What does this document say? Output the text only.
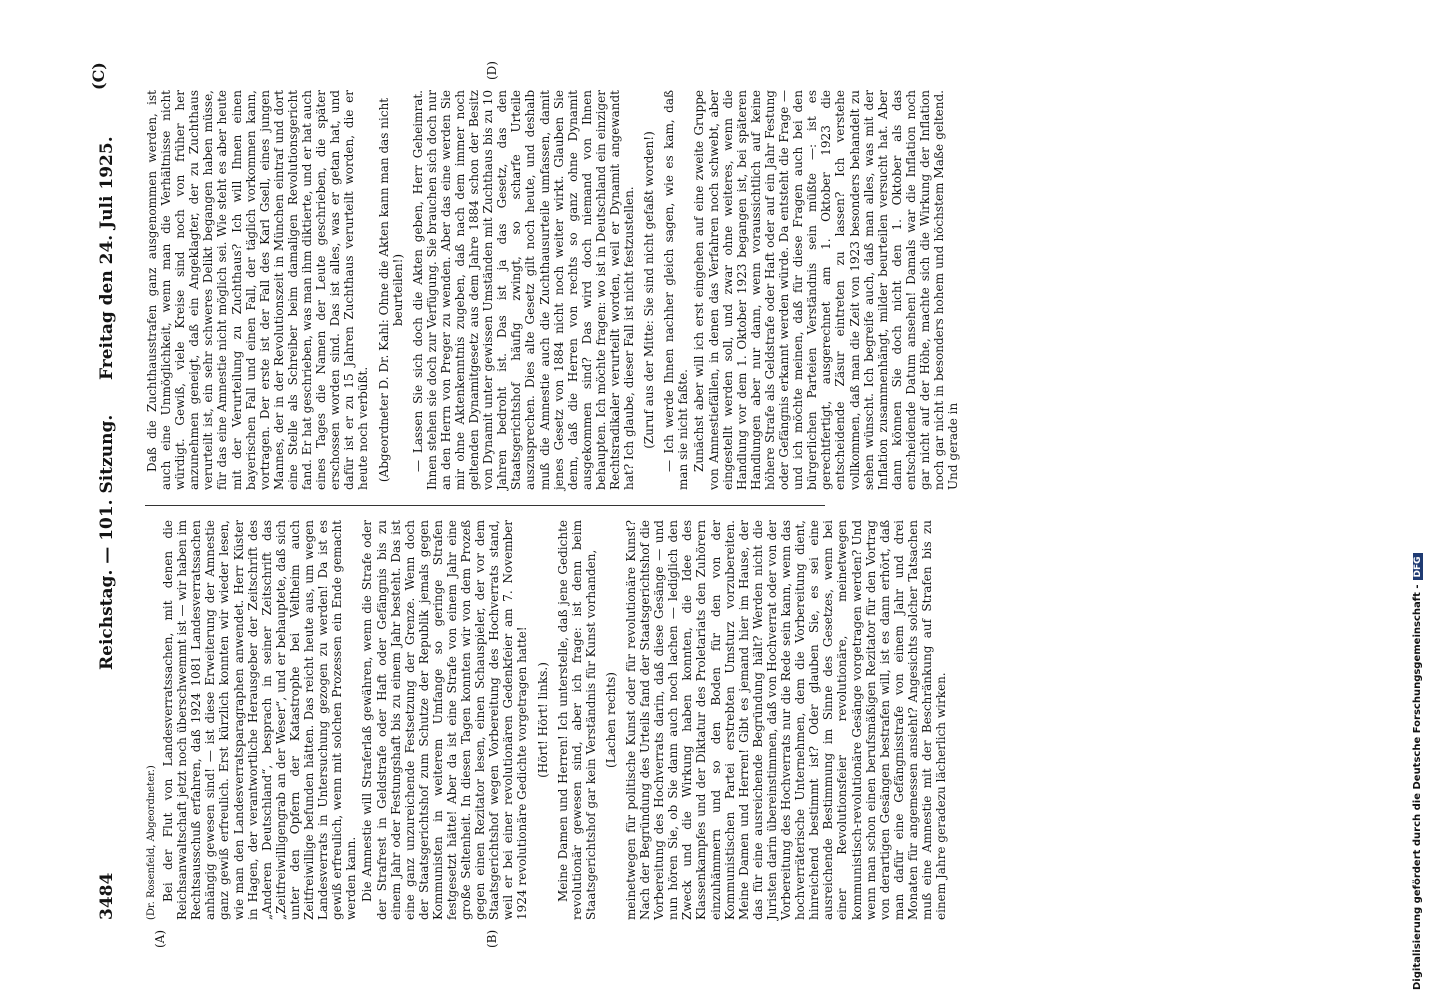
3484
Reichstag. — 101. Sitzung.
Freitag den 24. Juli 1925.
(C)
(A)	(B)
(D)

(Dr. Rosenfeld, Abgeordneter.) Bei der Flut von Landesverratssachen, mit denen die Reichsanwaltschaft jetzt noch überschwemmt ist — wir haben im Rechtsausschuß erfahren, daß 1924 1081 Landesverratssachen anhängig gewesen sind! — ist diese Erweiterung der Amnestie ganz gewiß erfreulich. Erst kürzlich konnten wir wieder lesen, wie man den Landesverratsparagraphen anwendet. Herr Küster in Hagen, der verantwortliche Herausgeber der Zeitschrift des „Anderen Deutschland“, besprach in seiner Zeitschrift das „Zeitfreiwilligengrab an der Weser“, und er behauptete, daß sich unter den Opfern der Katastrophe bei Veltheim auch Zeitfreiwillige befunden hätten. Das reicht heute aus, um wegen Landesverrats in Untersuchung gezogen zu werden! Da ist es gewiß erfreulich, wenn mit solchen Prozessen ein Ende gemacht werden kann. Die Amnestie will Straferlaß gewähren, wenn die Strafe oder der Strafrest in Geldstrafe oder Haft oder Gefängnis bis zu einem Jahr oder Festungshaft bis zu einem Jahr besteht. Das ist eine ganz unzureichende Festsetzung der Grenze. Wenn doch der Staatsgerichtshof zum Schutze der Republik jemals gegen Kommunisten in weiterem Umfange so geringe Strafen festgesetzt hätte! Aber da ist eine Strafe von einem Jahr eine große Seltenheit. In diesen Tagen konnten wir von dem Prozeß gegen einen Rezitator lesen, einen Schauspieler, der vor dem Staatsgerichtshof wegen Vorbereitung des Hochverrats stand, weil er bei einer revolutionären Gedenkfeier am 7. November 1924 revolutionäre Gedichte vorgetragen hatte! (Hört! Hört! links.) Meine Damen und Herren! Ich unterstelle, daß jene Gedichte revolutionär gewesen sind, aber ich frage: ist denn beim Staatsgerichtshof gar kein Verständnis für Kunst vorhanden, (Lachen rechts) meinetwegen für politische Kunst oder für revolutionäre Kunst? Nach der Begründung des Urteils fand der Staatsgerichtshof die Vorbereitung des Hochverrats darin, daß diese Gesänge — und nun hören Sie, ob Sie dann auch noch lachen — lediglich den Zweck und die Wirkung haben konnten, die Idee des Klassenkampfes und der Diktatur des Proletariats den Zuhörern einzuhämmern und so den Boden für den von der Kommunistischen Partei erstrebten Umsturz vorzubereiten. Meine Damen und Herren! Gibt es jemand hier im Hause, der das für eine ausreichende Begründung hält? Werden nicht die Juristen darin übereinstimmen, daß von Hochverrat oder von der Vorbereitung des Hochverrats nur die Rede sein kann, wenn das hochverräterische Unternehmen, dem die Vorbereitung dient, hinreichend bestimmt ist? Oder glauben Sie, es sei eine ausreichende Bestimmung im Sinne des Gesetzes, wenn bei einer Revolutionsfeier revolutionäre, meinetwegen kommunistisch-revolutionäre Gesänge vorgetragen werden? Und wenn man schon einen berufsmäßigen Rezitator für den Vortrag von derartigen Gesängen bestrafen will, ist es dann erhört, daß man dafür eine Gefängnisstrafe von einem Jahr und drei Monaten für angemessen ansieht? Angesichts solcher Tatsachen muß eine Amnestie mit der Beschränkung auf Strafen bis zu einem Jahre geradezu lächerlich wirken.

Daß die Zuchthausstrafen ganz ausgenommen werden, ist auch eine Unmöglichkeit, wenn man die Verhältnisse nicht würdigt. Gewiß, viele Kreise sind noch von früher her anzunehmen geneigt, daß ein Angeklagter, der zu Zuchthaus verurteilt ist, ein sehr schweres Delikt begangen haben müsse, für das eine Amnestie nicht möglich sei. Wie steht es aber heute mit der Verurteilung zu Zuchthaus? Ich will Ihnen einen bayerischen Fall und einen Fall, der täglich vorkommen kann, vortragen. Der erste ist der Fall des Karl Gsell, eines jungen Mannes, der in der Revolutionszeit in München eintraf und dort eine Stelle als Schreiber beim damaligen Revolutionsgericht fand. Er hat geschrieben, was man ihm diktierte, und er hat auch eines Tages die Namen der Leute geschrieben, die später erschossen worden sind. Das ist alles, was er getan hat, und dafür ist er zu 15 Jahren Zuchthaus verurteilt worden, die er heute noch verbüßt. (Abgeordneter D. Dr. Kahl: Ohne die Akten kann man das nicht beurteilen!) — Lassen Sie sich doch die Akten geben, Herr Geheimrat. Ihnen stehen sie doch zur Verfügung. Sie brauchen sich doch nur an den Herrn von Preger zu wenden. Aber das eine werden Sie mir ohne Aktenkenntnis zugeben, daß nach dem immer noch geltenden Dynamitgesetz aus dem Jahre 1884 schon der Besitz von Dynamit unter gewissen Umständen mit Zuchthaus bis zu 10 Jahren bedroht ist. Das ist ja das Gesetz, das den Staatsgerichtshof häufig zwingt, so scharfe Urteile auszusprechen. Dies alte Gesetz gilt noch heute, und deshalb muß die Amnestie auch die Zuchthausurteile umfassen, damit jenes Gesetz von 1884 nicht noch weiter wirkt. Glauben Sie denn, daß die Herren von rechts so ganz ohne Dynamit ausgekommen sind? Das wird doch niemand von Ihnen behaupten. Ich möchte fragen: wo ist in Deutschland ein einziger Rechtsradikaler verurteilt worden, weil er Dynamit angewandt hat? Ich glaube, dieser Fall ist nicht festzustellen. (Zuruf aus der Mitte: Sie sind nicht gefaßt worden!) — Ich werde Ihnen nachher gleich sagen, wie es kam, daß man sie nicht faßte. Zunächst aber will ich erst eingehen auf eine zweite Gruppe von Amnestiefällen, in denen das Verfahren noch schwebt, aber eingestellt werden soll, und zwar ohne weiteres, wenn die Handlung vor dem 1. Oktober 1923 begangen ist, bei späteren Handlungen aber nur dann, wenn voraussichtlich auf keine höhere Strafe als Geldstrafe oder Haft oder auf ein Jahr Festung oder Gefängnis erkannt werden würde. Da entsteht die Frage — und ich möchte meinen, daß für diese Fragen auch bei den bürgerlichen Parteien Verständnis sein müßte —: ist es gerechtfertigt, ausgerechnet am 1. Oktober 1923 die entscheidende Zäsur eintreten zu lassen? Ich verstehe vollkommen, daß man die Zeit von 1923 besonders behandelt zu sehen wünscht. Ich begreife auch, daß man alles, was mit der Inflation zusammenhängt, milder beurteilen versucht hat. Aber dann können Sie doch nicht den 1. Oktober als das entscheidende Datum ansehen! Damals war die Inflation noch gar nicht auf der Höhe, machte sich die Wirkung der Inflation noch gar nicht in besonders hohem und höchstem Maße geltend. Und gerade in

Digitalisierung gefördert durch die Deutsche Forschungsgemeinschaft -DFG
